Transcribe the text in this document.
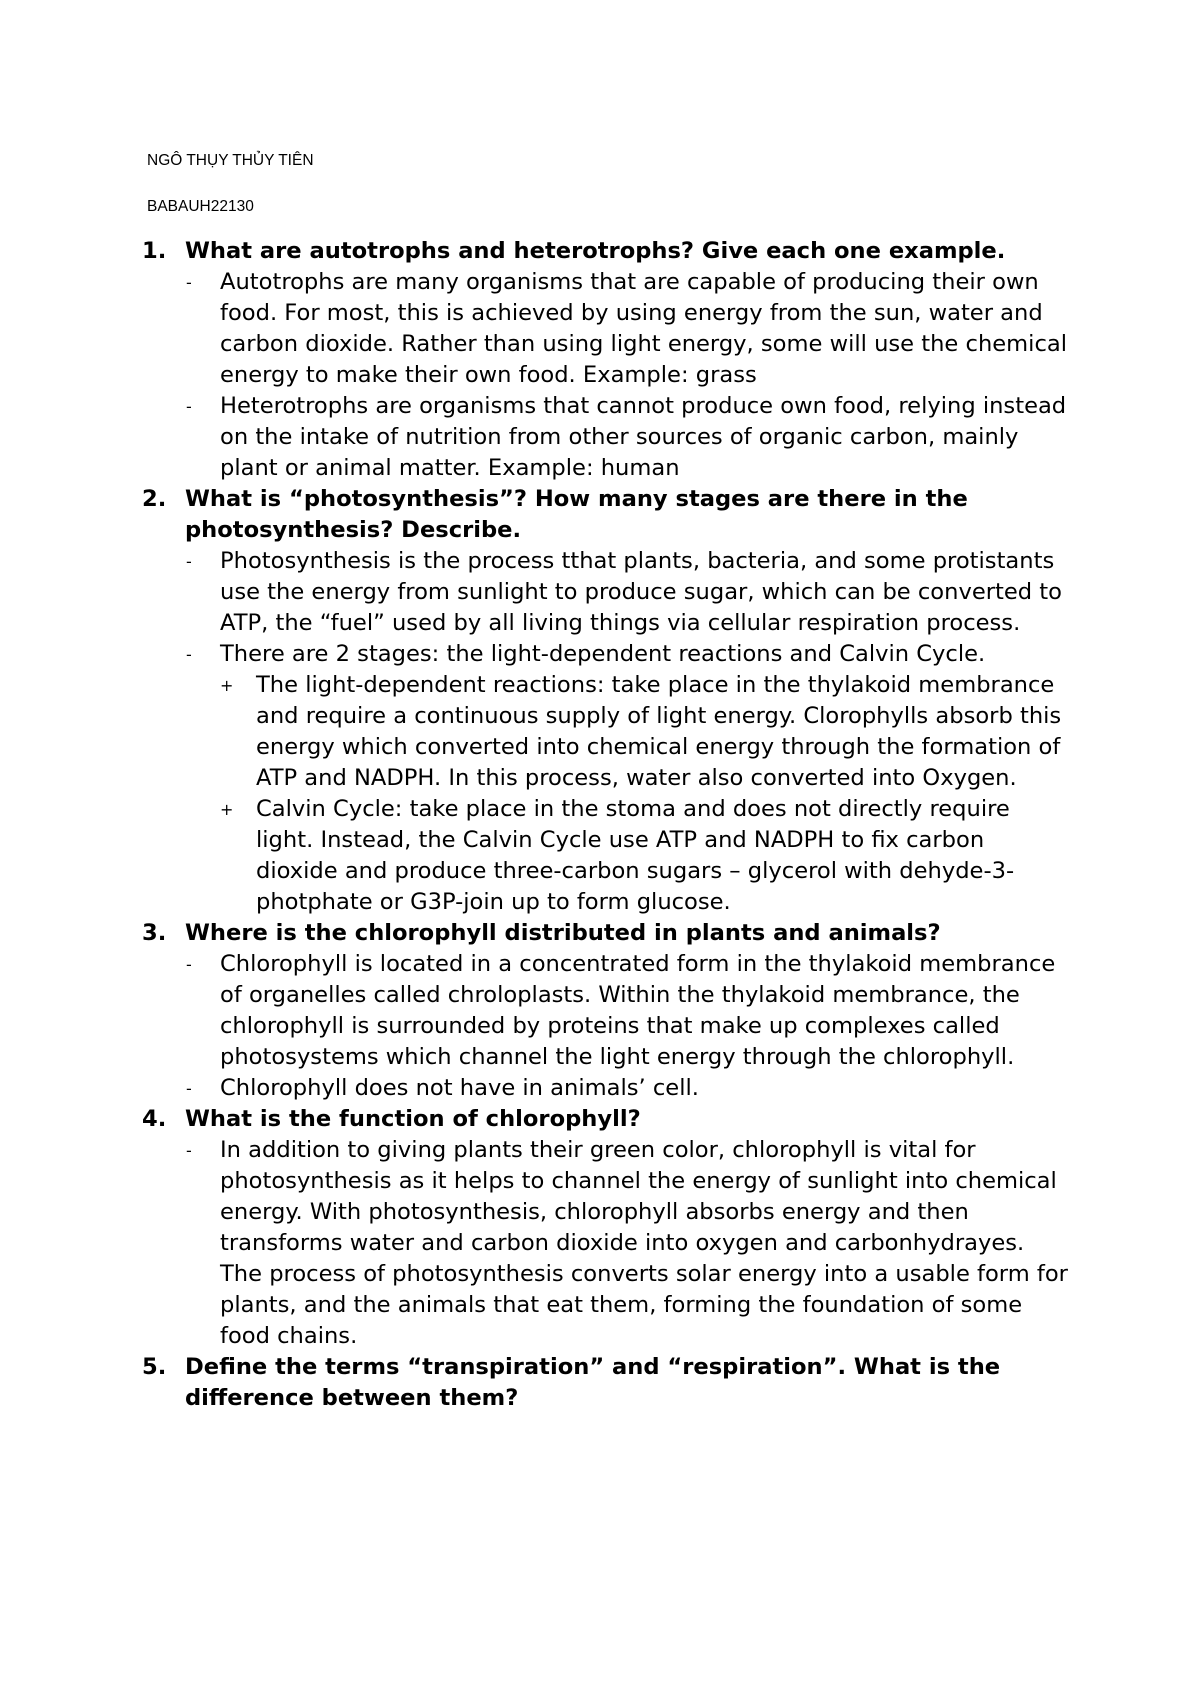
NGÔ THỤY THỦY TIÊN
BABAUH22130
1. What are autotrophs and heterotrophs? Give each one example.
- Autotrophs are many organisms that are capable of producing their own food. For most, this is achieved by using energy from the sun, water and carbon dioxide. Rather than using light energy, some will use the chemical energy to make their own food. Example: grass
- Heterotrophs are organisms that cannot produce own food, relying instead on the intake of nutrition from other sources of organic carbon, mainly plant or animal matter. Example: human
2. What is “photosynthesis”? How many stages are there in the photosynthesis? Describe.
- Photosynthesis is the process tthat plants, bacteria, and some protistants use the energy from sunlight to produce sugar, which can be converted to ATP, the “fuel” used by all living things via cellular respiration process.
- There are 2 stages: the light-dependent reactions and Calvin Cycle.
+ The light-dependent reactions: take place in the thylakoid membrance and require a continuous supply of light energy. Clorophylls absorb this energy which converted into chemical energy through the formation of ATP and NADPH. In this process, water also converted into Oxygen.
+ Calvin Cycle: take place in the stoma and does not directly require light. Instead, the Calvin Cycle use ATP and NADPH to fix carbon dioxide and produce three-carbon sugars – glycerol with dehyde-3-photphate or G3P-join up to form glucose.
3. Where is the chlorophyll distributed in plants and animals?
- Chlorophyll is located in a concentrated form in the thylakoid membrance of organelles called chroloplasts. Within the thylakoid membrance, the chlorophyll is surrounded by proteins that make up complexes called photosystems which channel the light energy through the chlorophyll.
- Chlorophyll does not have in animals’ cell.
4. What is the function of chlorophyll?
- In addition to giving plants their green color, chlorophyll is vital for photosynthesis as it helps to channel the energy of sunlight into chemical energy. With photosynthesis, chlorophyll absorbs energy and then transforms water and carbon dioxide into oxygen and carbonhydrayes. The process of photosynthesis converts solar energy into a usable form for plants, and the animals that eat them, forming the foundation of some food chains.
5. Define the terms “transpiration” and “respiration”. What is the difference between them?
